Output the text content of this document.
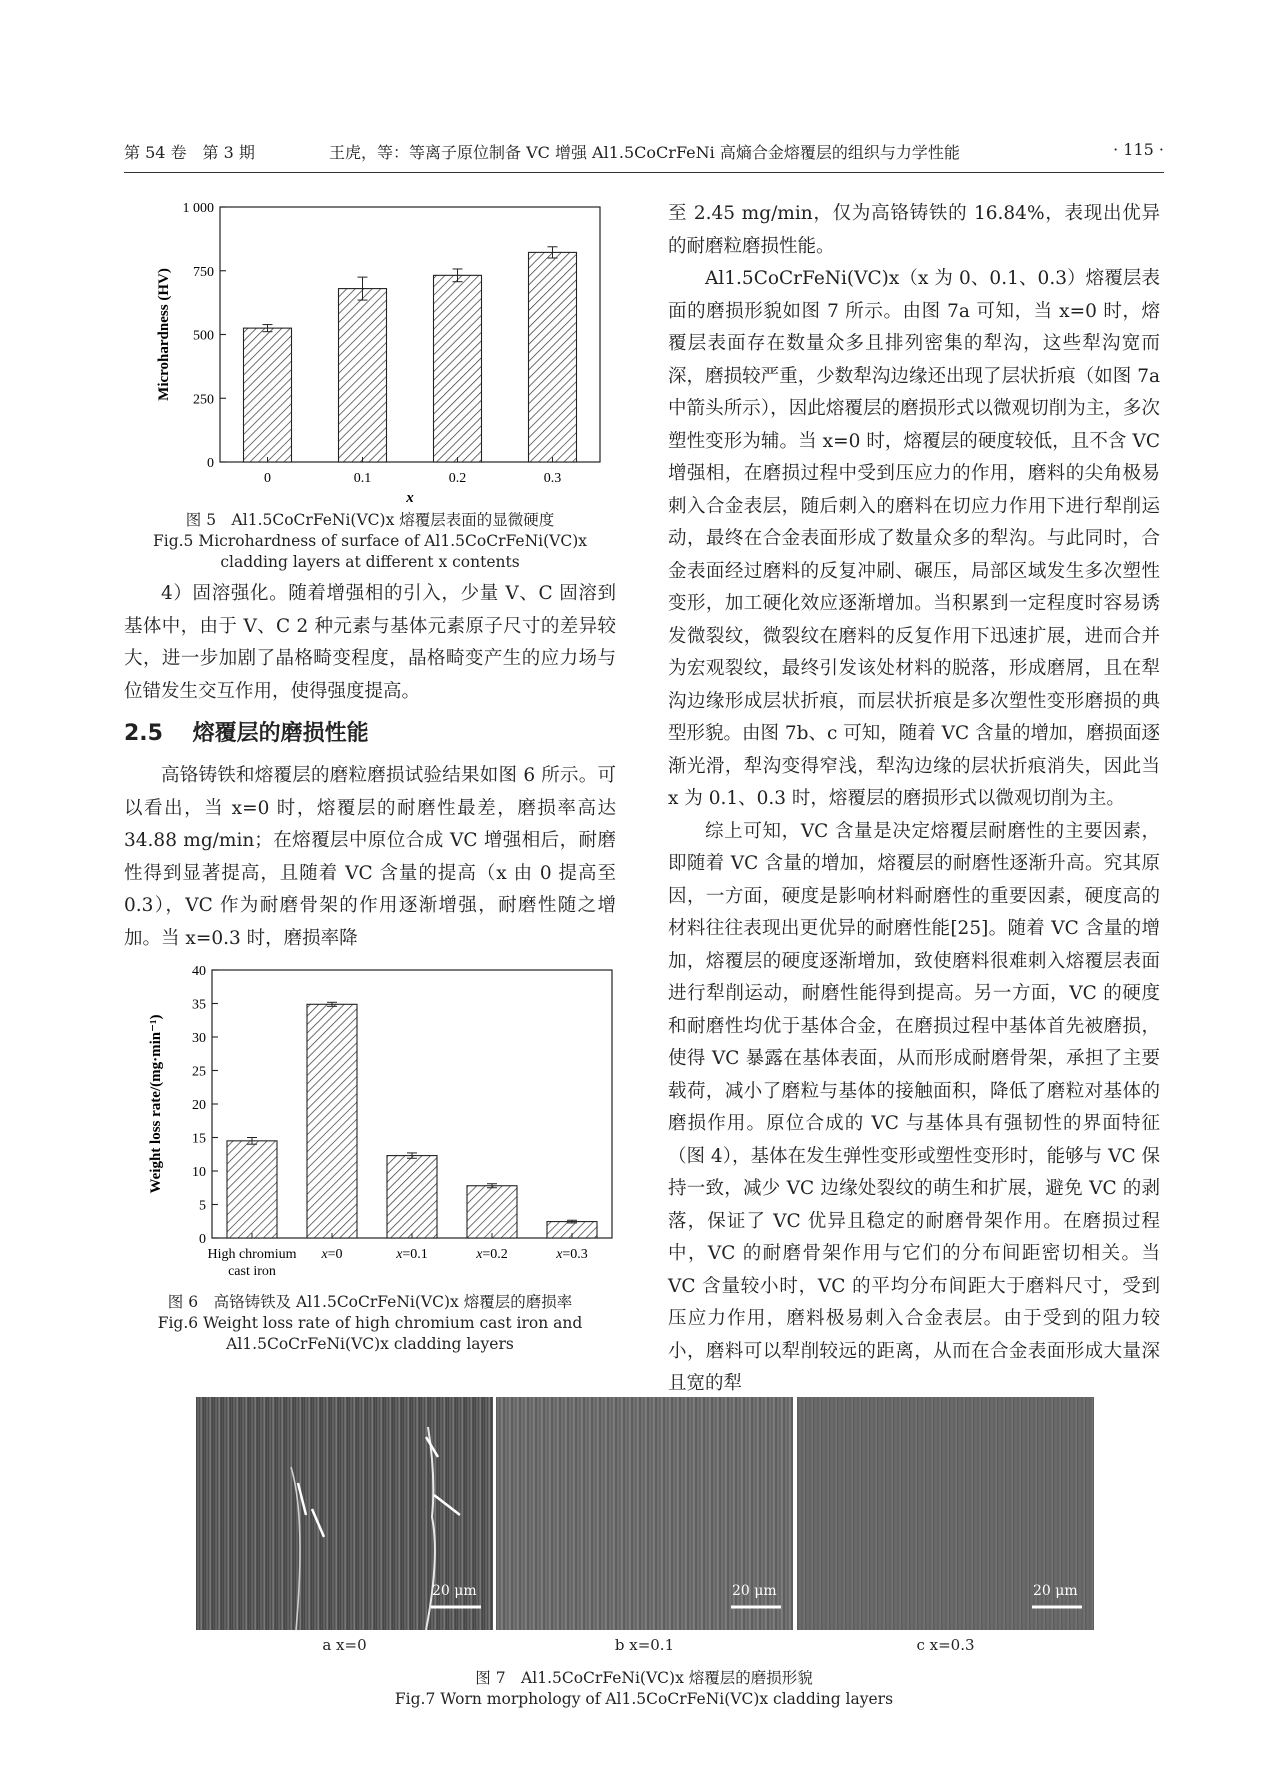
第 54 卷　第 3 期	王虎，等：等离子原位制备 VC 增强 Al1.5CoCrFeNi 高熵合金熔覆层的组织与力学性能	· 115 ·
0
250
500
750
1 000
0	0.1	0.2	0.3
x
Microhardness (HV)
图 5　Al1.5CoCrFeNi(VC)x 熔覆层表面的显微硬度
Fig.5 Microhardness of surface of Al1.5CoCrFeNi(VC)x
cladding layers at different x contents

4）固溶强化。随着增强相的引入，少量 V、C 固溶到基体中，由于 V、C 2 种元素与基体元素原子尺寸的差异较大，进一步加剧了晶格畸变程度，晶格畸变产生的应力场与位错发生交互作用，使得强度提高。

2.5 熔覆层的磨损性能

高铬铸铁和熔覆层的磨粒磨损试验结果如图 6 所示。可以看出，当 x=0 时，熔覆层的耐磨性最差，磨损率高达 34.88 mg/min；在熔覆层中原位合成 VC 增强相后，耐磨性得到显著提高，且随着 VC 含量的提高（x 由 0 提高至 0.3），VC 作为耐磨骨架的作用逐渐增强，耐磨性随之增加。当 x=0.3 时，磨损率降

0
5
10
15
20
25
30
35
40
High chromium
cast iron
x=0	x=0.1	x=0.2	x=0.3
Weight loss rate/(mg·min⁻¹)
图 6　高铬铸铁及 Al1.5CoCrFeNi(VC)x 熔覆层的磨损率
Fig.6 Weight loss rate of high chromium cast iron and
Al1.5CoCrFeNi(VC)x cladding layers

至 2.45 mg/min，仅为高铬铸铁的 16.84%，表现出优异的耐磨粒磨损性能。

Al1.5CoCrFeNi(VC)x（x 为 0、0.1、0.3）熔覆层表面的磨损形貌如图 7 所示。由图 7a 可知，当 x=0 时，熔覆层表面存在数量众多且排列密集的犁沟，这些犁沟宽而深，磨损较严重，少数犁沟边缘还出现了层状折痕（如图 7a 中箭头所示），因此熔覆层的磨损形式以微观切削为主，多次塑性变形为辅。当 x=0 时，熔覆层的硬度较低，且不含 VC 增强相，在磨损过程中受到压应力的作用，磨料的尖角极易刺入合金表层，随后刺入的磨料在切应力作用下进行犁削运动，最终在合金表面形成了数量众多的犁沟。与此同时，合金表面经过磨料的反复冲刷、碾压，局部区域发生多次塑性变形，加工硬化效应逐渐增加。当积累到一定程度时容易诱发微裂纹，微裂纹在磨料的反复作用下迅速扩展，进而合并为宏观裂纹，最终引发该处材料的脱落，形成磨屑，且在犁沟边缘形成层状折痕，而层状折痕是多次塑性变形磨损的典型形貌。由图 7b、c 可知，随着 VC 含量的增加，磨损面逐渐光滑，犁沟变得窄浅，犁沟边缘的层状折痕消失，因此当 x 为 0.1、0.3 时，熔覆层的磨损形式以微观切削为主。

综上可知，VC 含量是决定熔覆层耐磨性的主要因素，即随着 VC 含量的增加，熔覆层的耐磨性逐渐升高。究其原因，一方面，硬度是影响材料耐磨性的重要因素，硬度高的材料往往表现出更优异的耐磨性能[25]。随着 VC 含量的增加，熔覆层的硬度逐渐增加，致使磨料很难刺入熔覆层表面进行犁削运动，耐磨性能得到提高。另一方面，VC 的硬度和耐磨性均优于基体合金，在磨损过程中基体首先被磨损，使得 VC 暴露在基体表面，从而形成耐磨骨架，承担了主要载荷，减小了磨粒与基体的接触面积，降低了磨粒对基体的磨损作用。原位合成的 VC 与基体具有强韧性的界面特征（图 4），基体在发生弹性变形或塑性变形时，能够与 VC 保持一致，减少 VC 边缘处裂纹的萌生和扩展，避免 VC 的剥落，保证了 VC 优异且稳定的耐磨骨架作用。在磨损过程中，VC 的耐磨骨架作用与它们的分布间距密切相关。当 VC 含量较小时，VC 的平均分布间距大于磨料尺寸，受到压应力作用，磨料极易刺入合金表层。由于受到的阻力较小，磨料可以犁削较远的距离，从而在合金表面形成大量深且宽的犁

20 μm	20 μm	20 μm
a x=0	b x=0.1	c x=0.3
图 7　Al1.5CoCrFeNi(VC)x 熔覆层的磨损形貌
Fig.7 Worn morphology of Al1.5CoCrFeNi(VC)x cladding layers
